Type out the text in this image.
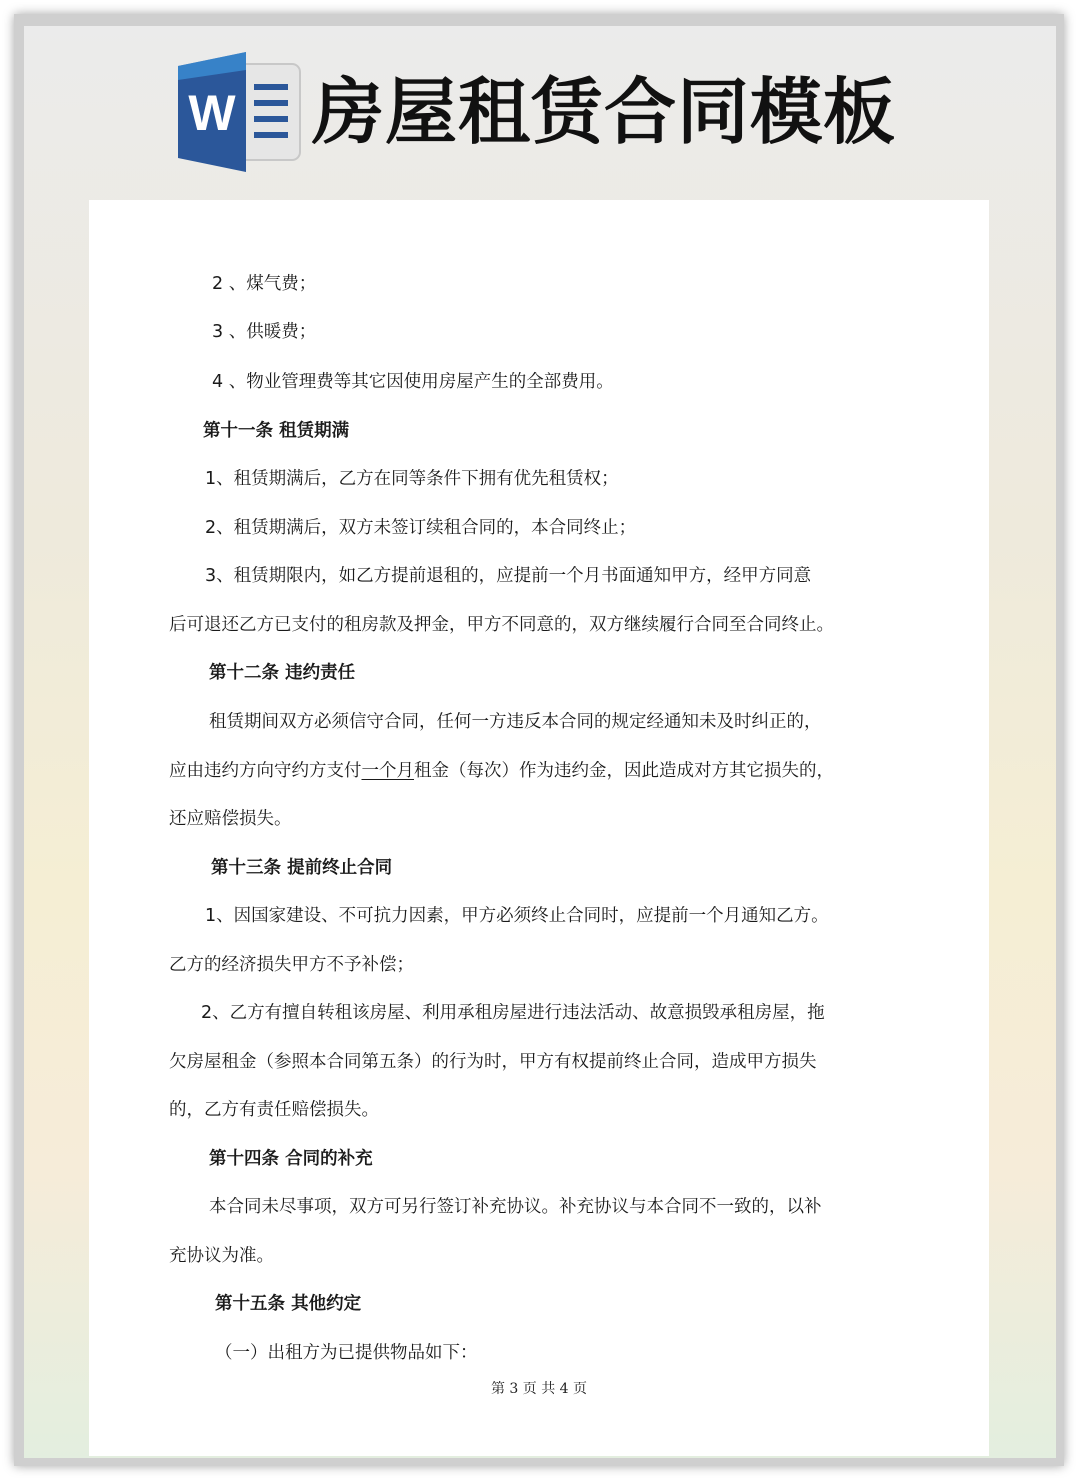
W 房屋租赁合同模板
2 、煤气费；
3 、供暖费；
4 、物业管理费等其它因使用房屋产生的全部费用。
第十一条 租赁期满
1、租赁期满后，乙方在同等条件下拥有优先租赁权；
2、租赁期满后，双方未签订续租合同的，本合同终止；
3、租赁期限内，如乙方提前退租的，应提前一个月书面通知甲方，经甲方同意
后可退还乙方已支付的租房款及押金，甲方不同意的，双方继续履行合同至合同终止。
第十二条 违约责任
租赁期间双方必须信守合同，任何一方违反本合同的规定经通知未及时纠正的，
应由违约方向守约方支付一个月租金（每次）作为违约金，因此造成对方其它损失的，
还应赔偿损失。
第十三条 提前终止合同
1、因国家建设、不可抗力因素，甲方必须终止合同时，应提前一个月通知乙方。
乙方的经济损失甲方不予补偿；
2、乙方有擅自转租该房屋、利用承租房屋进行违法活动、故意损毁承租房屋，拖
欠房屋租金（参照本合同第五条）的行为时，甲方有权提前终止合同，造成甲方损失
的，乙方有责任赔偿损失。
第十四条 合同的补充
本合同未尽事项，双方可另行签订补充协议。补充协议与本合同不一致的，以补
充协议为准。
第十五条 其他约定
（一）出租方为已提供物品如下：
第 3 页 共 4 页
